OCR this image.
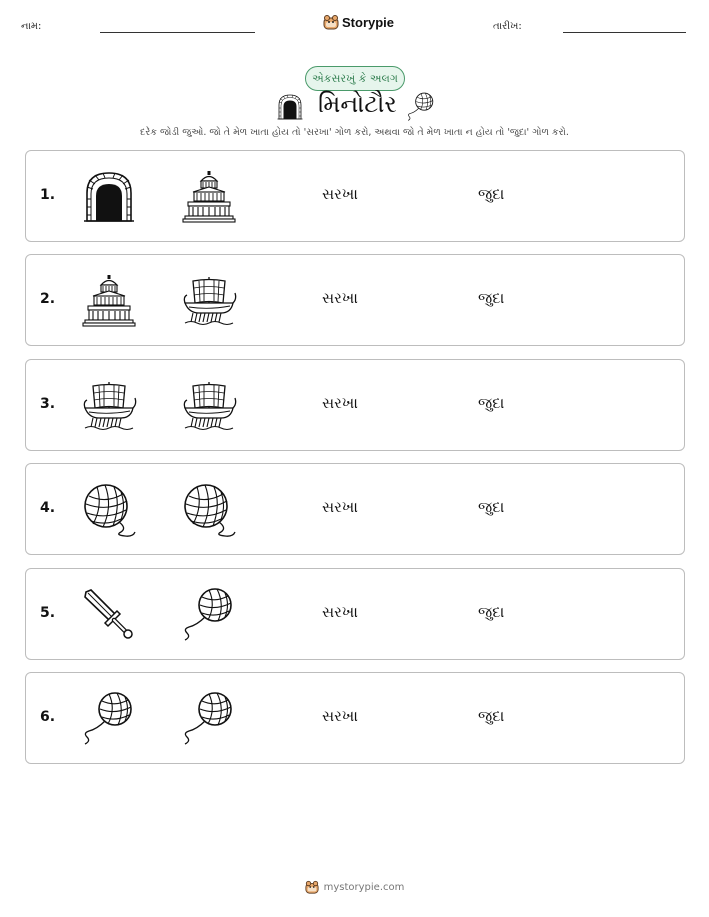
નામ:	તારીખ:
Storypie
એકસરખું કે અલગ
મિનોટૌર
દરેક જોડી જુઓ. જો તે મેળ ખાતા હોય તો 'સરખા' ગોળ કરો, અથવા જો તે મેળ ખાતા ન હોય તો 'જુદા' ગોળ કરો.
1.	સરખા	જુદા
2.	સરખા	જુદા
3.	સરખા	જુદા
4.	સરખા	જુદા
5.	સરખા	જુદા
6.	સરખા	જુદા
mystorypie.com
